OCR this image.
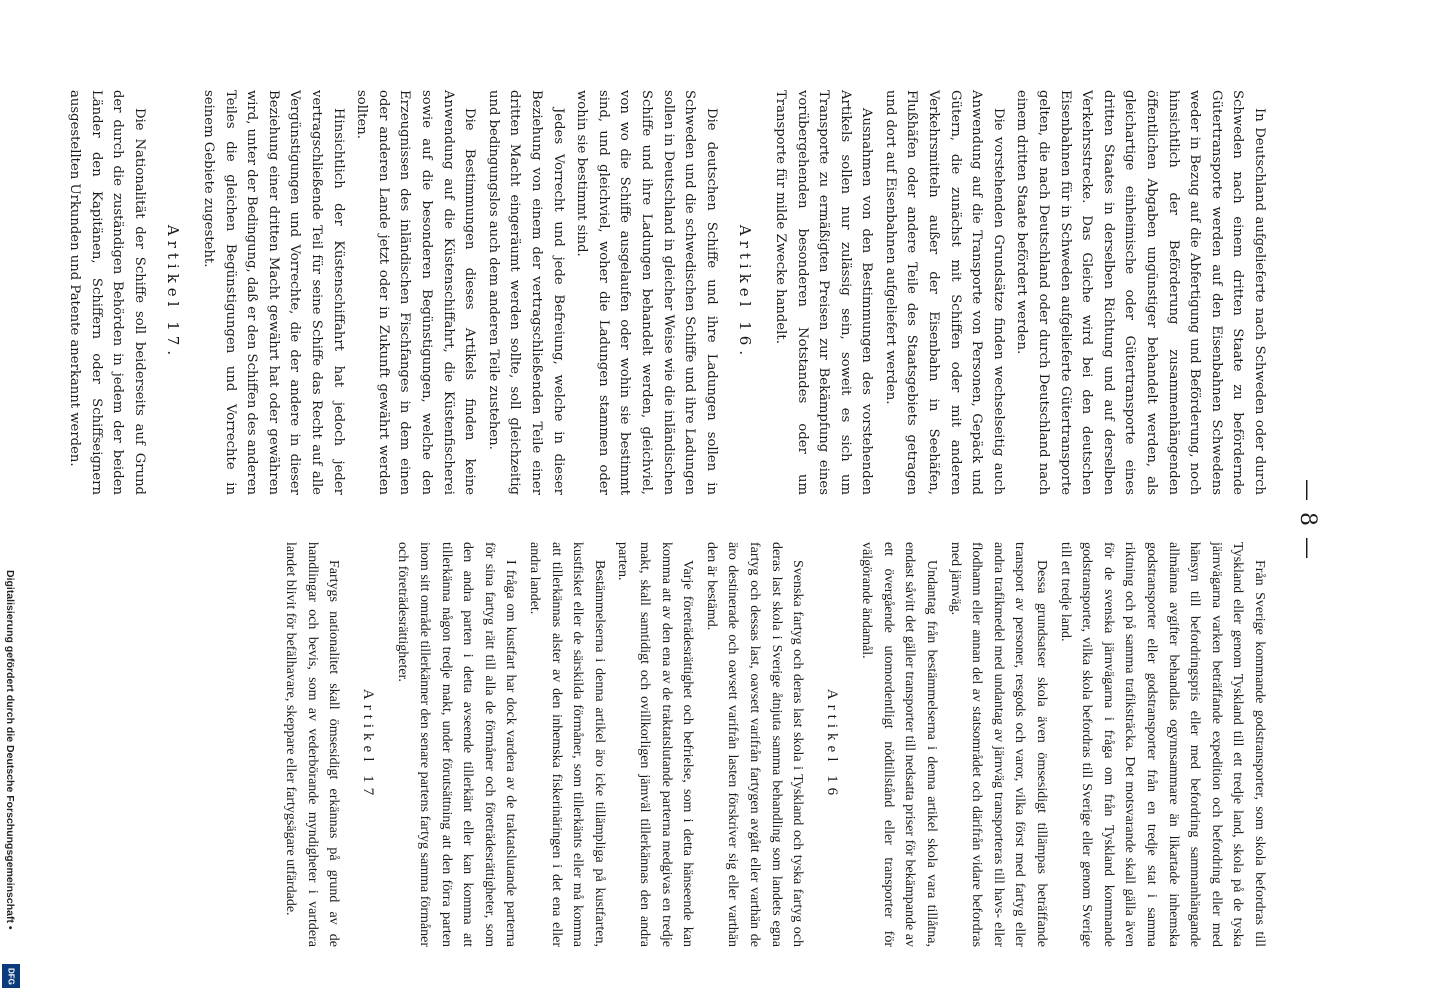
— 8 —

In Deutschland aufgelieferte nach Schweden oder durch Schweden nach einem dritten Staate zu befördernde Gütertransporte werden auf den Eisenbahnen Schwedens weder in Bezug auf die Abfertigung und Beförderung, noch hinsichtlich der Beförderung zusammenhängenden öffentlichen Abgaben ungünstiger behandelt werden, als gleichartige einheimische oder Gütertransporte eines dritten Staates in derselben Richtung und auf derselben Verkehrsstrecke. Das Gleiche wird bei den deutschen Eisenbahnen für in Schweden aufgelieferte Gütertransporte gelten, die nach Deutschland oder durch Deutschland nach einem dritten Staate befördert werden.

Die vorstehenden Grundsätze finden wechselseitig auch Anwendung auf die Transporte von Personen, Gepäck und Gütern, die zunächst mit Schiffen oder mit anderen Verkehrsmitteln außer der Eisenbahn in Seehäfen, Flußhäfen oder andere Teile des Staatsgebiets getragen und dort auf Eisenbahnen aufgeliefert werden.

Ausnahmen von den Bestimmungen des vorstehenden Artikels sollen nur zulässig sein, soweit es sich um Transporte zu ermäßigten Preisen zur Bekämpfung eines vorübergehenden besonderen Notstandes oder um Transporte für milde Zwecke handelt.

Artikel 16.

Die deutschen Schiffe und ihre Ladungen sollen in Schweden und die schwedischen Schiffe und ihre Ladungen sollen in Deutschland in gleicher Weise wie die inländischen Schiffe und ihre Ladungen behandelt werden, gleichviel, von wo die Schiffe ausgelaufen oder wohin sie bestimmt sind, und gleichviel, woher die Ladungen stammen oder wohin sie bestimmt sind.

Jedes Vorrecht und jede Befreiung, welche in dieser Beziehung von einem der vertragschließenden Teile einer dritten Macht eingeräumt werden sollte, soll gleichzeitig und bedingungslos auch dem anderen Teile zustehen.

Die Bestimmungen dieses Artikels finden keine Anwendung auf die Küstenschiffahrt, die Küstenfischerei sowie auf die besonderen Begünstigungen, welche den Erzeugnissen des inländischen Fischfanges in dem einen oder anderen Lande jetzt oder in Zukunft gewährt werden sollten.

Hinsichtlich der Küstenschiffahrt hat jedoch jeder vertragschließende Teil für seine Schiffe das Recht auf alle Vergünstigungen und Vorrechte, die der andere in dieser Beziehung einer dritten Macht gewährt hat oder gewähren wird, unter der Bedingung, daß er den Schiffen des anderen Teiles die gleichen Begünstigungen und Vorrechte in seinem Gebiete zugesteht.

Artikel 17.

Die Nationalität der Schiffe soll beiderseits auf Grund der durch die zuständigen Behörden in jedem der beiden Länder den Kapitänen, Schiffern oder Schiffseignern ausgestellten Urkunden und Patente anerkannt werden.

Från Sverige kommande godstransporter, som skola befordras till Tyskland eller genom Tyskland till ett tredje land, skola på de tyska järnvägarna varken beträffande expedition och befordring eller med hänsyn till befordringspris eller med befordring sammanhängande allmänna avgifter behandlas ogynnsammare än likartade inhemska godstransporter eller godstransporter från en tredje stat i samma riktning och på samma trafiksträcka. Det motsvarande skall gälla även för de svenska järnvägarna i fråga om från Tyskland kommande godstransporter, vilka skola befordras till Sverige eller genom Sverige till ett tredje land.

Dessa grundsatser skola även ömsesidigt tillämpas beträffande transport av personer, resgods och varor, vilka först med fartyg eller andra trafikmedel med undantag av järnväg transporteras till havs- eller flodhamn eller annan del av statsområdet och därifrån vidare befordras med järnväg.

Undantag från bestämmelserna i denna artikel skola vara tillåtna, endast såvitt det gäller transporter till nedsatta priser för bekämpande av ett övergående utomordentligt nödtillstånd eller transporter för välgörande ändamål.

Artikel 16

Svenska fartyg och deras last skola i Tyskland och tyska fartyg och deras last skola i Sverige åtnjuta samma behandling som landets egna fartyg och dessas last, oavsett varifrån fartygen avgått eller varthän de äro destinerade och oavsett varifrån lasten förskriver sig eller varthän den är bestämd.

Varje företrädesrättighet och befrielse, som i detta hänseende kan komma att av den ena av de traktatslutande parterna medgivas en tredje makt, skall samtidigt och ovillkorligen jämväl tillerkännas den andra parten.

Bestämmelserna i denna artikel äro icke tillämpliga på kustfarten, kustfisket eller de särskilda förmåner, som tillerkänts eller må komma att tillerkännas alster av den inhemska fiskerinäringen i det ena eller andra landet.

I fråga om kustfart har dock vardera av de traktatslutande parterna för sina fartyg rätt till alla de förmåner och företrädesrättigheter, som den andra parten i detta avseende tillerkänt eller kan komma att tillerkänna någon tredje makt, under förutsättning att den förra parten inom sitt område tillerkänner den senare partens fartyg samma förmåner och företrädesrättigheter.

Artikel 17

Fartygs nationalitet skall ömsesidigt erkännas på grund av de handlingar och bevis, som av vederbörande myndigheter i vartdera landet blivit för befälhavare, skeppare eller fartygsägare utfärdade.

Digitalisierung gefördert durch die Deutsche Forschungsgemeinschaft •
DFG
